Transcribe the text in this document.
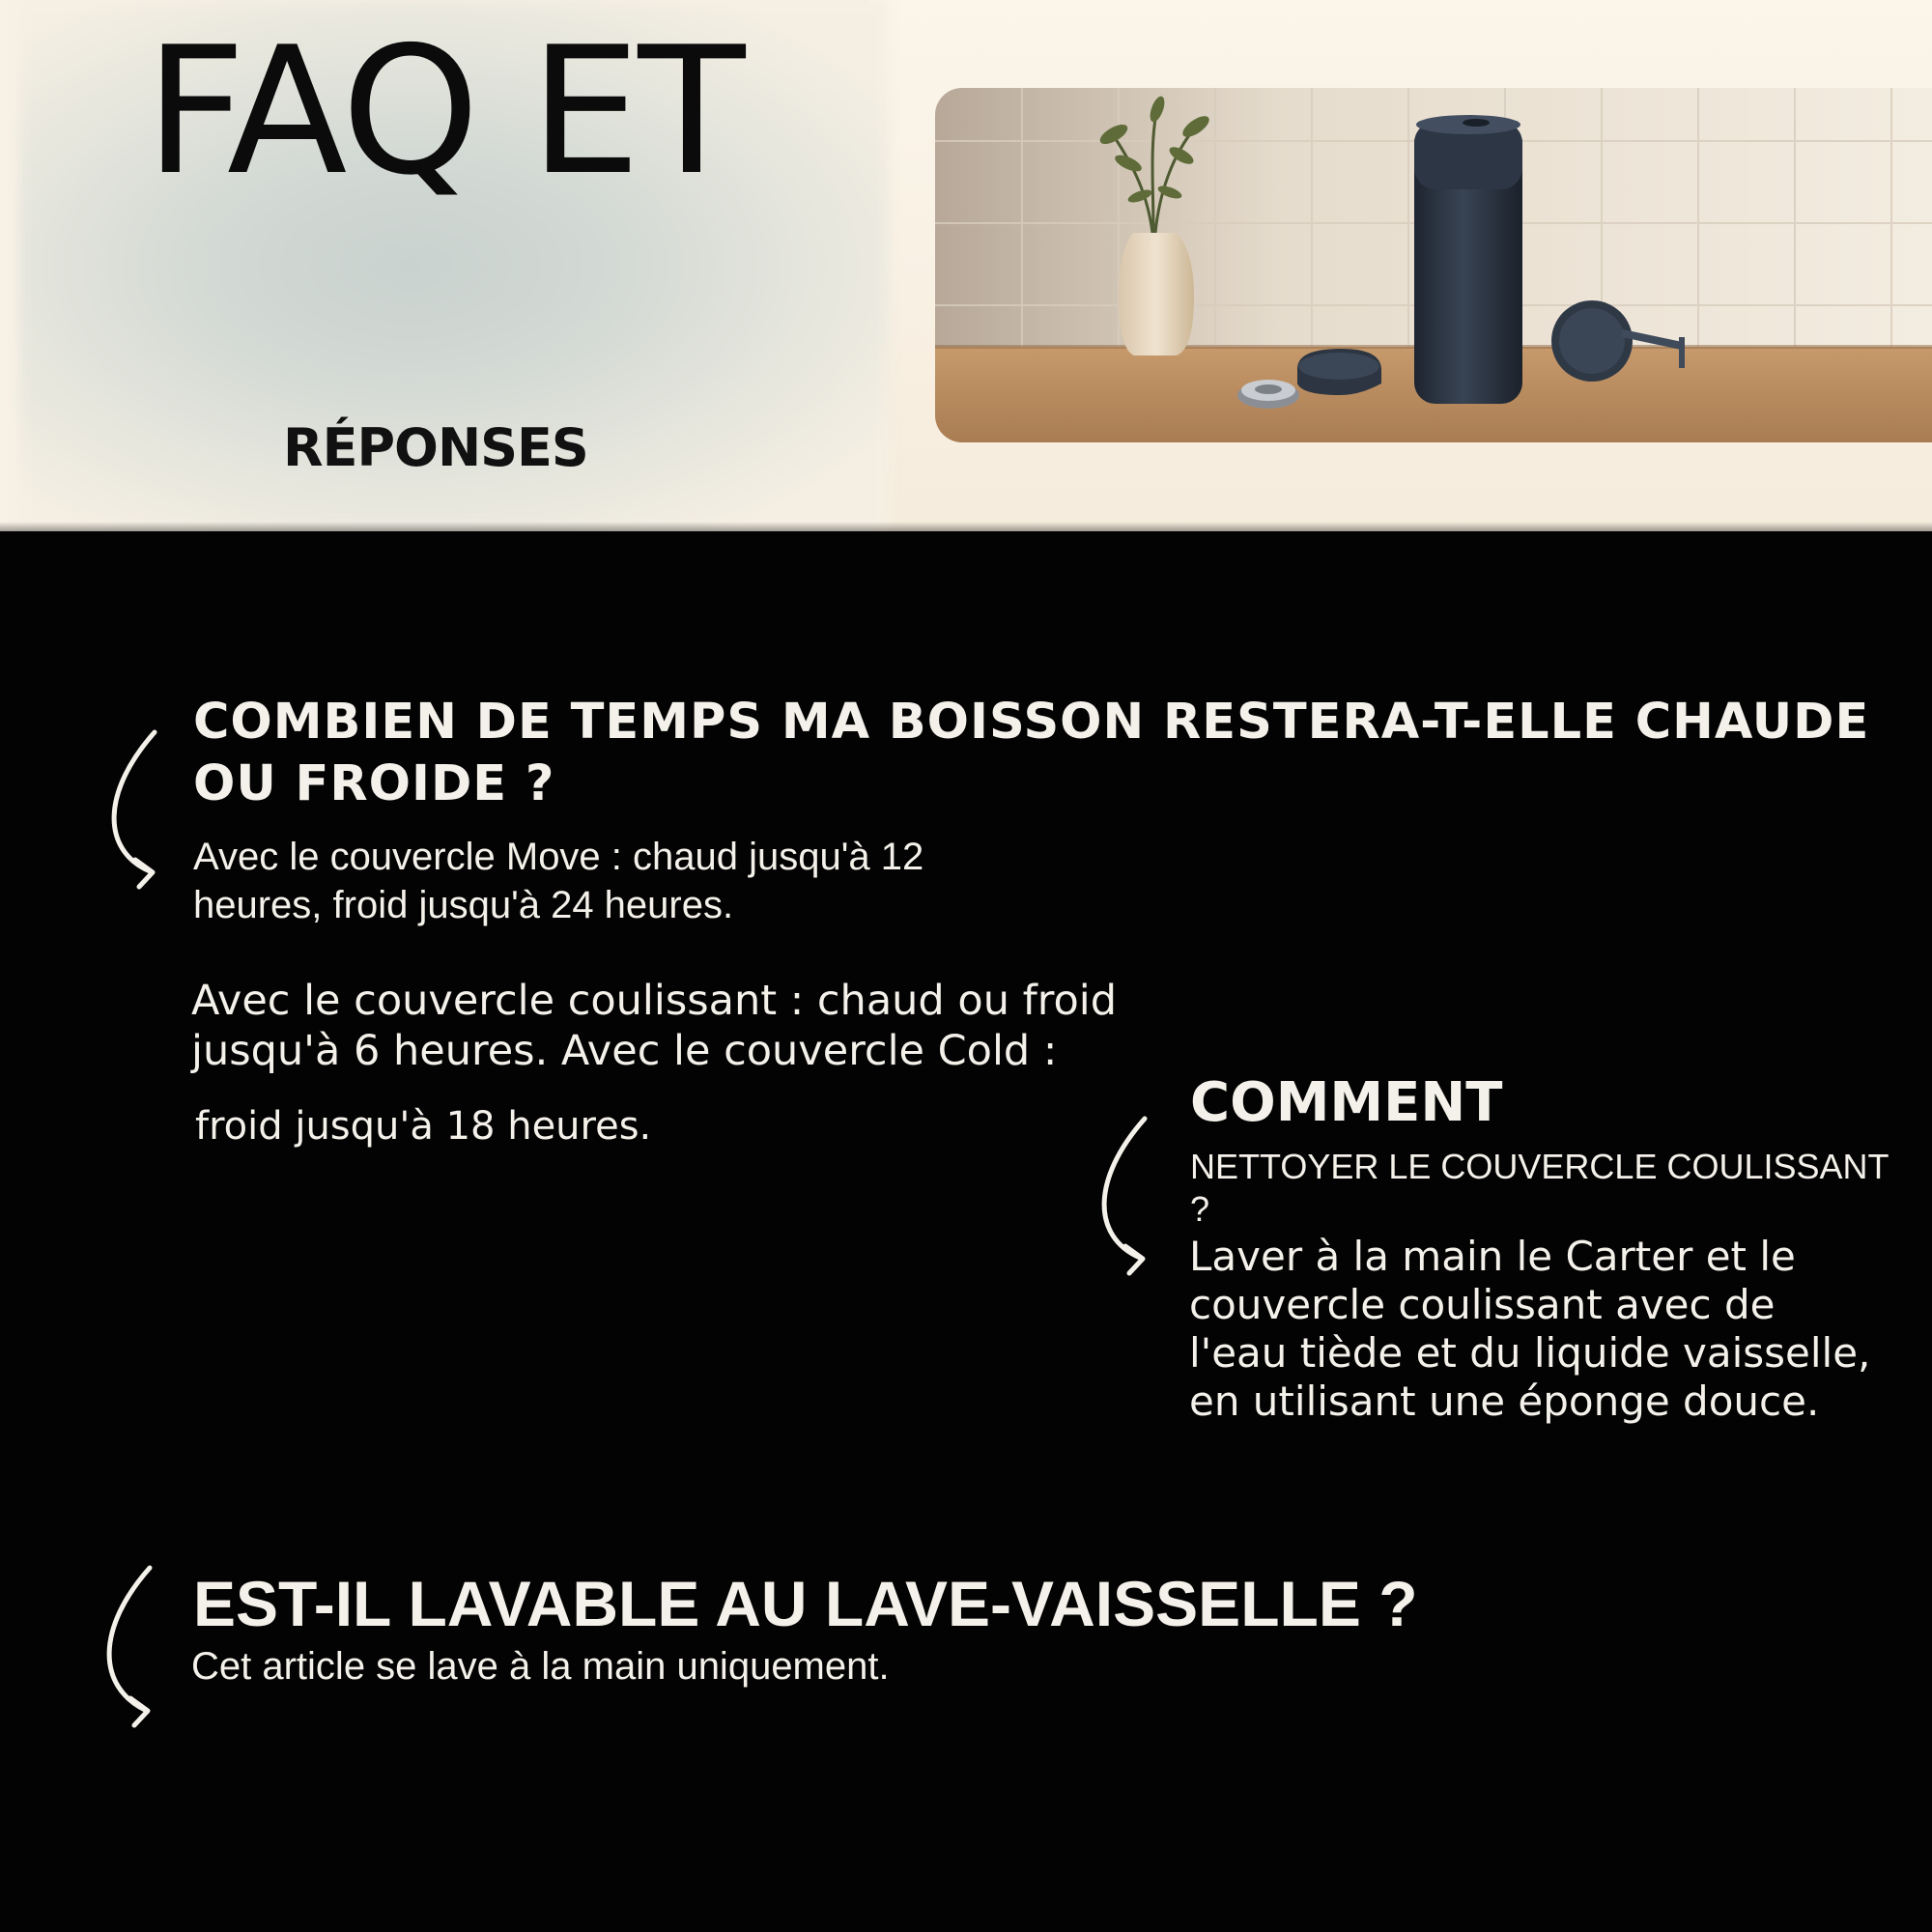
FAQ ET
RÉPONSES
COMBIEN DE TEMPS MA BOISSON RESTERA-T-ELLE CHAUDE
OU FROIDE ?

Avec le couvercle Move : chaud jusqu'à 12
heures, froid jusqu'à 24 heures.

Avec le couvercle coulissant : chaud ou froid
jusqu'à 6 heures. Avec le couvercle Cold :

froid jusqu'à 18 heures.	COMMENT

NETTOYER LE COUVERCLE COULISSANT
?

Laver à la main le Carter et le
couvercle coulissant avec de
l'eau tiède et du liquide vaisselle,
en utilisant une éponge douce.

EST-IL LAVABLE AU LAVE-VAISSELLE ?

Cet article se lave à la main uniquement.
